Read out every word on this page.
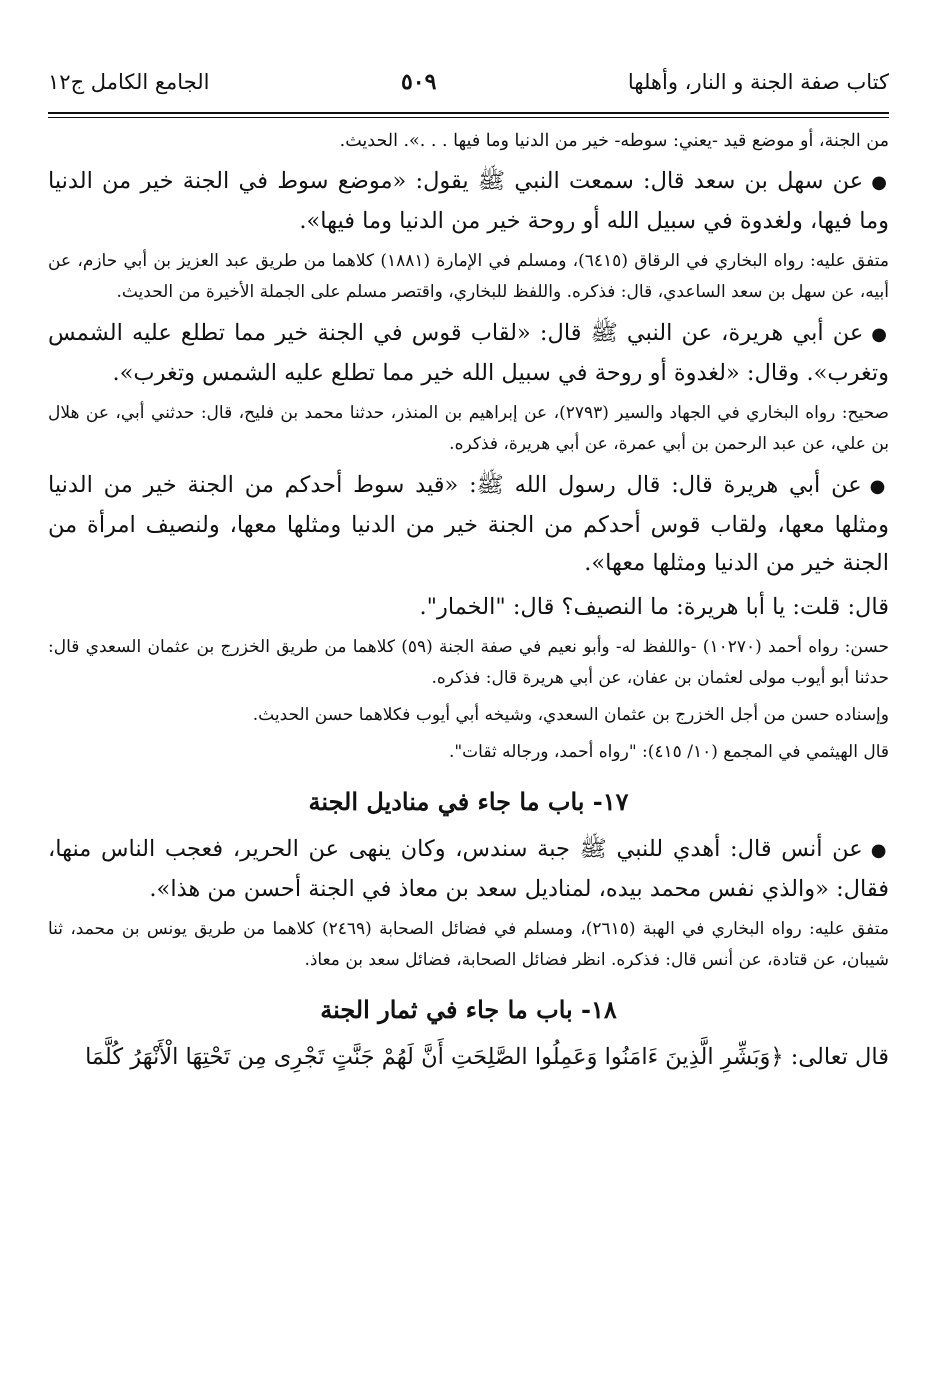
كتاب صفة الجنة و النار، وأهلها
٥٠٩
الجامع الكامل ج١٢

من الجنة، أو موضع قيد -يعني: سوطه- خير من الدنيا وما فيها . . .». الحديث.

●عن سهل بن سعد قال: سمعت النبي ﷺ يقول: «موضع سوط في الجنة خير من الدنيا وما فيها، ولغدوة في سبيل الله أو روحة خير من الدنيا وما فيها».

متفق عليه: رواه البخاري في الرقاق (٦٤١٥)، ومسلم في الإمارة (١٨٨١) كلاهما من طريق عبد العزيز بن أبي حازم، عن أبيه، عن سهل بن سعد الساعدي، قال: فذكره. واللفظ للبخاري، واقتصر مسلم على الجملة الأخيرة من الحديث.

●عن أبي هريرة، عن النبي ﷺ قال: «لقاب قوس في الجنة خير مما تطلع عليه الشمس وتغرب». وقال: «لغدوة أو روحة في سبيل الله خير مما تطلع عليه الشمس وتغرب».

صحيح: رواه البخاري في الجهاد والسير (٢٧٩٣)، عن إبراهيم بن المنذر، حدثنا محمد بن فليح، قال: حدثني أبي، عن هلال بن علي، عن عبد الرحمن بن أبي عمرة، عن أبي هريرة، فذكره.

●عن أبي هريرة قال: قال رسول الله ﷺ: «قيد سوط أحدكم من الجنة خير من الدنيا ومثلها معها، ولقاب قوس أحدكم من الجنة خير من الدنيا ومثلها معها، ولنصيف امرأة من الجنة خير من الدنيا ومثلها معها».

قال: قلت: يا أبا هريرة: ما النصيف؟ قال: "الخمار".

حسن: رواه أحمد (١٠٢٧٠) -واللفظ له- وأبو نعيم في صفة الجنة (٥٩) كلاهما من طريق الخزرج بن عثمان السعدي قال: حدثنا أبو أيوب مولى لعثمان بن عفان، عن أبي هريرة قال: فذكره.

وإسناده حسن من أجل الخزرج بن عثمان السعدي، وشيخه أبي أيوب فكلاهما حسن الحديث.

قال الهيثمي في المجمع (١٠/ ٤١٥): "رواه أحمد، ورجاله ثقات".

١٧- باب ما جاء في مناديل الجنة

●عن أنس قال: أهدي للنبي ﷺ جبة سندس، وكان ينهى عن الحرير، فعجب الناس منها، فقال: «والذي نفس محمد بيده، لمناديل سعد بن معاذ في الجنة أحسن من هذا».

متفق عليه: رواه البخاري في الهبة (٢٦١٥)، ومسلم في فضائل الصحابة (٢٤٦٩) كلاهما من طريق يونس بن محمد، ثنا شيبان، عن قتادة، عن أنس قال: فذكره. انظر فضائل الصحابة، فضائل سعد بن معاذ.

١٨- باب ما جاء في ثمار الجنة

قال تعالى: ﴿وَبَشِّرِ الَّذِينَ ءَامَنُوا وَعَمِلُوا الصَّلِحَتِ أَنَّ لَهُمْ جَنَّتٍ تَجْرِى مِن تَحْتِهَا الْأَنْهَرُ كُلَّمَا
